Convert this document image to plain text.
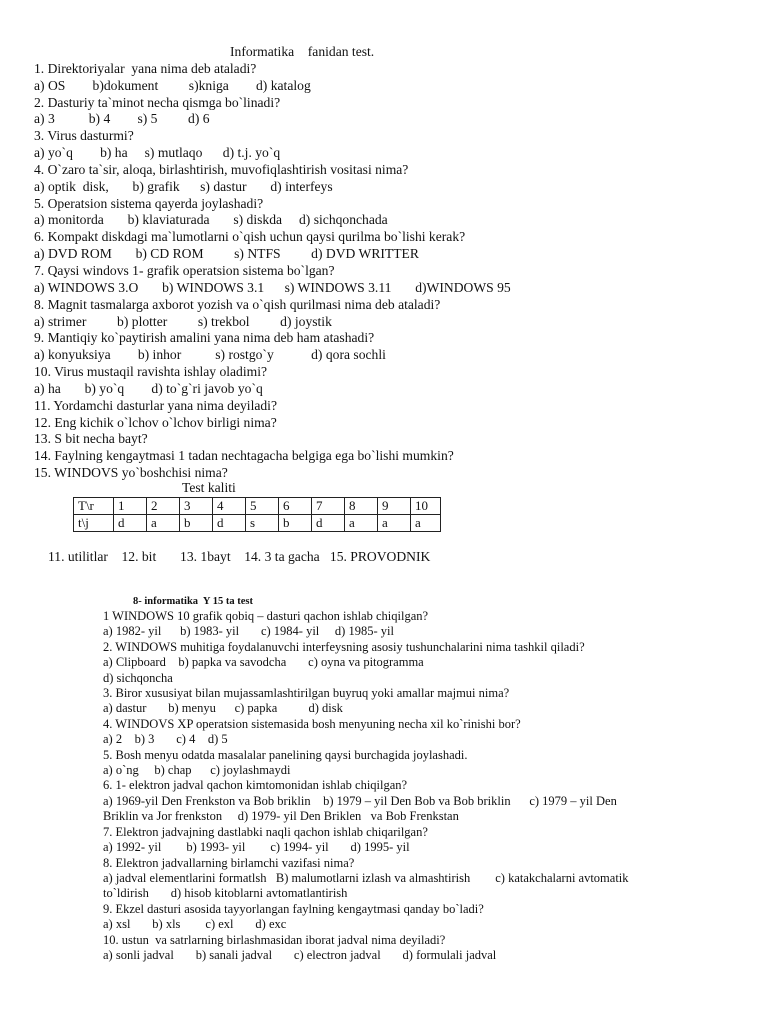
Informatika    fanidan test.
1. Direktoriyalar  yana nima deb ataladi?
a) OS        b)dokument         s)kniga        d) katalog
2. Dasturiy ta`minot necha qismga bo`linadi?
a) 3          b) 4        s) 5         d) 6
3. Virus dasturmi?
a) yo`q        b) ha     s) mutlaqo      d) t.j. yo`q
4. O`zaro ta`sir, aloqa, birlashtirish, muvofiqlashtirish vositasi nima?
a) optik  disk,       b) grafik      s) dastur       d) interfeys
5. Operatsion sistema qayerda joylashadi?
a) monitorda       b) klaviaturada       s) diskda     d) sichqonchada
6. Kompakt diskdagi ma`lumotlarni o`qish uchun qaysi qurilma bo`lishi kerak?
a) DVD ROM       b) CD ROM         s) NTFS         d) DVD WRITTER
7. Qaysi windovs 1- grafik operatsion sistema bo`lgan?
a) WINDOWS 3.O       b) WINDOWS 3.1      s) WINDOWS 3.11       d)WINDOWS 95
8. Magnit tasmalarga axborot yozish va o`qish qurilmasi nima deb ataladi?
a) strimer         b) plotter         s) trekbol         d) joystik
9. Mantiqiy ko`paytirish amalini yana nima deb ham atashadi?
a) konyuksiya        b) inhor          s) rostgo`y           d) qora sochli
10. Virus mustaqil ravishta ishlay oladimi?
a) ha       b) yo`q        d) to`g`ri javob yo`q
11. Yordamchi dasturlar yana nima deyiladi?
12. Eng kichik o`lchov o`lchov birligi nima?
13. S bit necha bayt?
14. Faylning kengaytmasi 1 tadan nechtagacha belgiga ega bo`lishi mumkin?
15. WINDOVS yo`boshchisi nima?
Test kaliti
T\r	1	2	3	4	5	6	7	8	9	10
t\j	d	a	b	d	s	b	d	a	a	a
11. utilitlar    12. bit       13. 1bayt    14. 3 ta gacha   15. PROVODNIK
8- informatika  Y 15 ta test
1 WINDOWS 10 grafik qobiq – dasturi qachon ishlab chiqilgan?
a) 1982- yil      b) 1983- yil       c) 1984- yil     d) 1985- yil
2. WINDOWS muhitiga foydalanuvchi interfeysning asosiy tushunchalarini nima tashkil qiladi?
a) Clipboard    b) papka va savodcha       c) oyna va pitogramma
d) sichqoncha
3. Biror xususiyat bilan mujassamlashtirilgan buyruq yoki amallar majmui nima?
a) dastur       b) menyu      c) papka          d) disk
4. WINDOVS XP operatsion sistemasida bosh menyuning necha xil ko`rinishi bor?
a) 2    b) 3       c) 4    d) 5
5. Bosh menyu odatda masalalar panelining qaysi burchagida joylashadi.
a) o`ng     b) chap      c) joylashmaydi
6. 1- elektron jadval qachon kimtomonidan ishlab chiqilgan?
a) 1969-yil Den Frenkston va Bob briklin    b) 1979 – yil Den Bob va Bob briklin      c) 1979 – yil Den
Briklin va Jor frenkston     d) 1979- yil Den Briklen   va Bob Frenkstan
7. Elektron jadvajning dastlabki naqli qachon ishlab chiqarilgan?
a) 1992- yil        b) 1993- yil        c) 1994- yil       d) 1995- yil
8. Elektron jadvallarning birlamchi vazifasi nima?
a) jadval elementlarini formatlsh   B) malumotlarni izlash va almashtirish        c) katakchalarni avtomatik
to`ldirish       d) hisob kitoblarni avtomatlantirish
9. Ekzel dasturi asosida tayyorlangan faylning kengaytmasi qanday bo`ladi?
a) xsl       b) xls        c) exl       d) exc
10. ustun  va satrlarning birlashmasidan iborat jadval nima deyiladi?
a) sonli jadval       b) sanali jadval       c) electron jadval       d) formulali jadval
